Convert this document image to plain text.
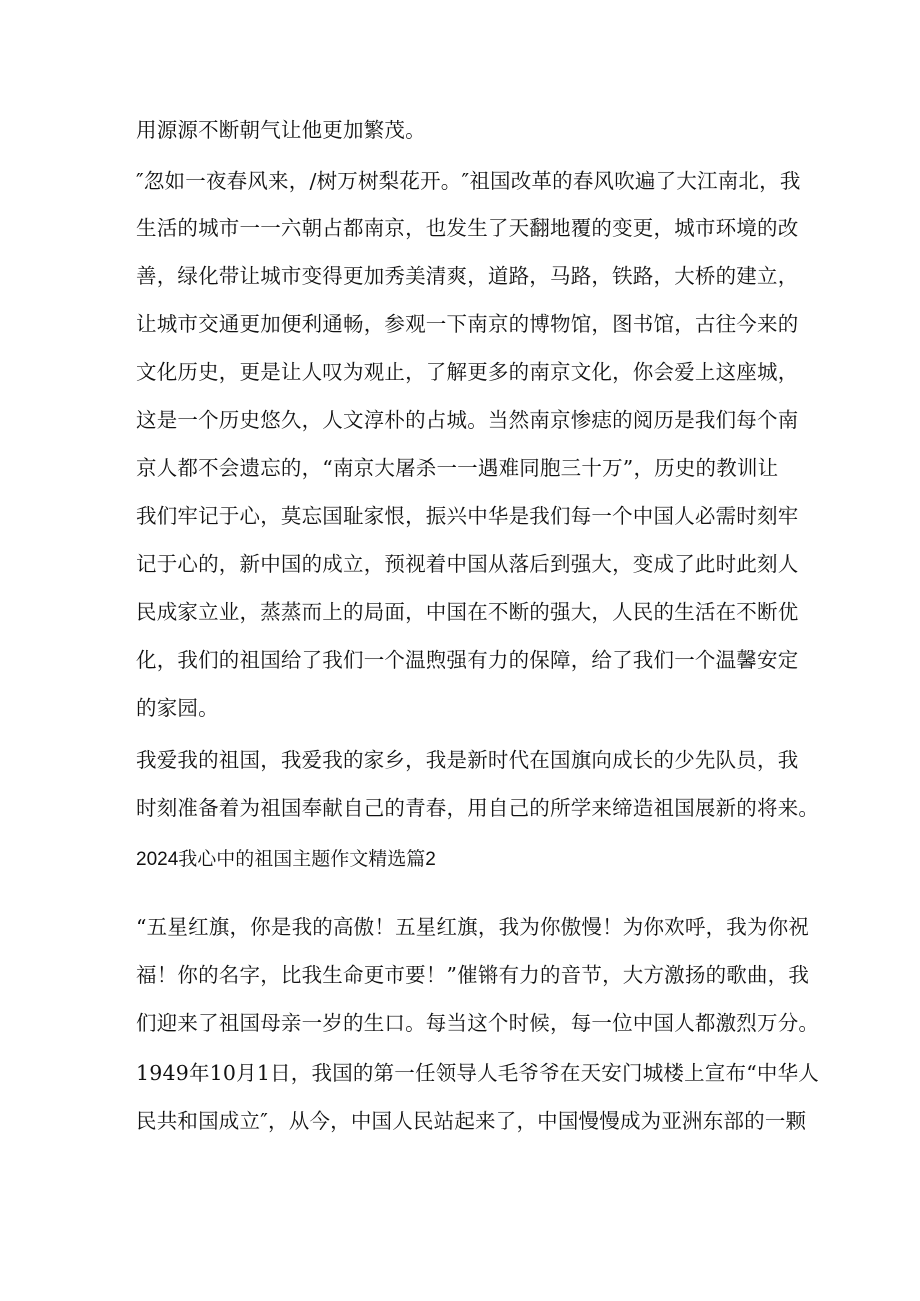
用源源不断朝气让他更加繁茂。
″忽如一夜春风来，/树万树梨花开。″祖国改革的春风吹遍了大江南北，我
生活的城市一一六朝占都南京，也发生了天翻地覆的变更，城市环境的改
善，绿化带让城市变得更加秀美清爽，道路，马路，铁路，大桥的建立，
让城市交通更加便利通畅，参观一下南京的博物馆，图书馆，古往今来的
文化历史，更是让人叹为观止，了解更多的南京文化，你会爱上这座城，
这是一个历史悠久，人文淳朴的占城。当然南京惨痣的阅历是我们每个南
京人都不会遗忘的，“南京大屠杀一一遇难同胞三十万”，历史的教训让
我们牢记于心，莫忘国耻家恨，振兴中华是我们每一个中国人必需时刻牢
记于心的，新中国的成立，预视着中国从落后到强大，变成了此时此刻人
民成家立业，蒸蒸而上的局面，中国在不断的强大，人民的生活在不断优
化，我们的祖国给了我们一个温煦强有力的保障，给了我们一个温馨安定
的家园。
我爱我的祖国，我爱我的家乡，我是新时代在国旗向成长的少先队员，我
时刻准备着为祖国奉献自己的青春，用自己的所学来缔造祖国展新的将来。
2024我心中的祖国主题作文精选篇2
“五星红旗，你是我的高傲！五星红旗，我为你傲慢！为你欢呼，我为你祝
福！你的名字，比我生命更市要！”催锵有力的音节，大方激扬的歌曲，我
们迎来了祖国母亲一岁的生口。每当这个时候，每一位中国人都激烈万分。
1949年10月1日，我国的第一任领导人毛爷爷在天安门城楼上宣布“中华人
民共和国成立″，从今，中国人民站起来了，中国慢慢成为亚洲东部的一颗
